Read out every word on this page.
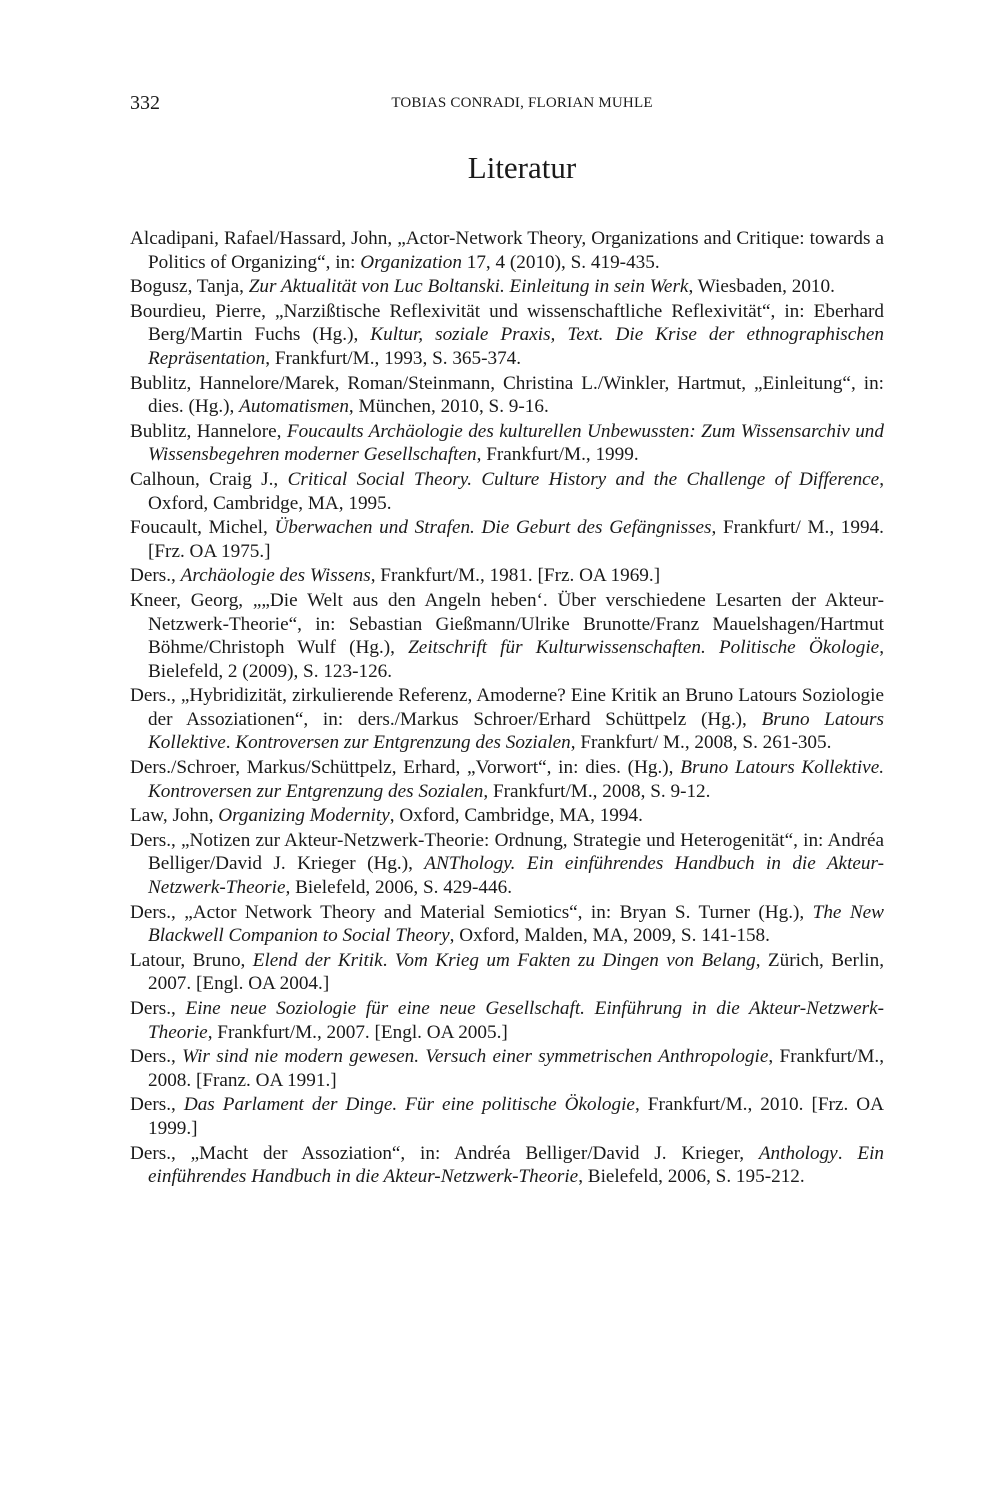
332	TOBIAS CONRADI, FLORIAN MUHLE
Literatur
Alcadipani, Rafael/Hassard, John, „Actor-Network Theory, Organizations and Critique: towards a Politics of Organizing“, in: Organization 17, 4 (2010), S. 419-435.
Bogusz, Tanja, Zur Aktualität von Luc Boltanski. Einleitung in sein Werk, Wiesbaden, 2010.
Bourdieu, Pierre, „Narzißtische Reflexivität und wissenschaftliche Reflexivität“, in: Eberhard Berg/Martin Fuchs (Hg.), Kultur, soziale Praxis, Text. Die Krise der ethnographischen Repräsentation, Frankfurt/M., 1993, S. 365-374.
Bublitz, Hannelore/Marek, Roman/Steinmann, Christina L./Winkler, Hartmut, „Einleitung“, in: dies. (Hg.), Automatismen, München, 2010, S. 9-16.
Bublitz, Hannelore, Foucaults Archäologie des kulturellen Unbewussten: Zum Wissensarchiv und Wissensbegehren moderner Gesellschaften, Frankfurt/M., 1999.
Calhoun, Craig J., Critical Social Theory. Culture History and the Challenge of Difference, Oxford, Cambridge, MA, 1995.
Foucault, Michel, Überwachen und Strafen. Die Geburt des Gefängnisses, Frankfurt/ M., 1994. [Frz. OA 1975.]
Ders., Archäologie des Wissens, Frankfurt/M., 1981. [Frz. OA 1969.]
Kneer, Georg, „„Die Welt aus den Angeln heben‘. Über verschiedene Lesarten der Akteur-Netzwerk-Theorie“, in: Sebastian Gießmann/Ulrike Brunotte/Franz Mauelshagen/Hartmut Böhme/Christoph Wulf (Hg.), Zeitschrift für Kulturwissenschaften. Politische Ökologie, Bielefeld, 2 (2009), S. 123-126.
Ders., „Hybridizität, zirkulierende Referenz, Amoderne? Eine Kritik an Bruno Latours Soziologie der Assoziationen“, in: ders./Markus Schroer/Erhard Schüttpelz (Hg.), Bruno Latours Kollektive. Kontroversen zur Entgrenzung des Sozialen, Frankfurt/ M., 2008, S. 261-305.
Ders./Schroer, Markus/Schüttpelz, Erhard, „Vorwort“, in: dies. (Hg.), Bruno Latours Kollektive. Kontroversen zur Entgrenzung des Sozialen, Frankfurt/M., 2008, S. 9-12.
Law, John, Organizing Modernity, Oxford, Cambridge, MA, 1994.
Ders., „Notizen zur Akteur-Netzwerk-Theorie: Ordnung, Strategie und Heterogenität“, in: Andréa Belliger/David J. Krieger (Hg.), ANThology. Ein einführendes Handbuch in die Akteur-Netzwerk-Theorie, Bielefeld, 2006, S. 429-446.
Ders., „Actor Network Theory and Material Semiotics“, in: Bryan S. Turner (Hg.), The New Blackwell Companion to Social Theory, Oxford, Malden, MA, 2009, S. 141-158.
Latour, Bruno, Elend der Kritik. Vom Krieg um Fakten zu Dingen von Belang, Zürich, Berlin, 2007. [Engl. OA 2004.]
Ders., Eine neue Soziologie für eine neue Gesellschaft. Einführung in die Akteur-Netzwerk-Theorie, Frankfurt/M., 2007. [Engl. OA 2005.]
Ders., Wir sind nie modern gewesen. Versuch einer symmetrischen Anthropologie, Frankfurt/M., 2008. [Franz. OA 1991.]
Ders., Das Parlament der Dinge. Für eine politische Ökologie, Frankfurt/M., 2010. [Frz. OA 1999.]
Ders., „Macht der Assoziation“, in: Andréa Belliger/David J. Krieger, Anthology. Ein einführendes Handbuch in die Akteur-Netzwerk-Theorie, Bielefeld, 2006, S. 195-212.
